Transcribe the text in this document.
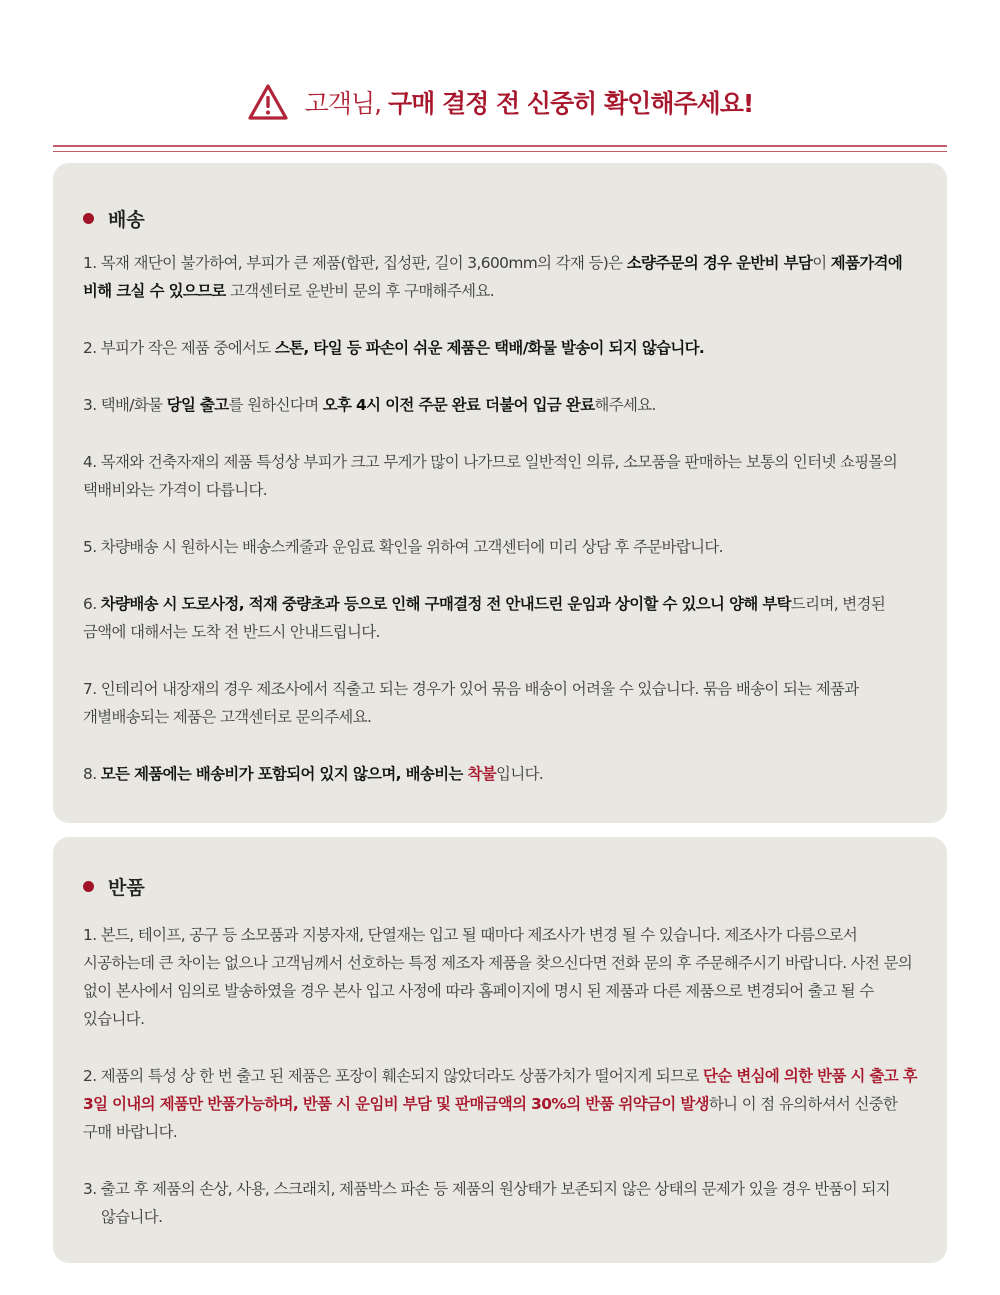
고객님, 구매 결정 전 신중히 확인해주세요!
배송

1. 목재 재단이 불가하여, 부피가 큰 제품(합판, 집성판, 길이 3,600mm의 각재 등)은 소량주문의 경우 운반비 부담이 제품가격에 비해 크실 수 있으므로 고객센터로 운반비 문의 후 구매해주세요.

2. 부피가 작은 제품 중에서도 스톤, 타일 등 파손이 쉬운 제품은 택배/화물 발송이 되지 않습니다.

3. 택배/화물 당일 출고를 원하신다며 오후 4시 이전 주문 완료 더불어 입금 완료해주세요.

4. 목재와 건축자재의 제품 특성상 부피가 크고 무게가 많이 나가므로 일반적인 의류, 소모품을 판매하는 보통의 인터넷 쇼핑몰의 택배비와는 가격이 다릅니다.

5. 차량배송 시 원하시는 배송스케줄과 운임료 확인을 위하여 고객센터에 미리 상담 후 주문바랍니다.

6. 차량배송 시 도로사정, 적재 중량초과 등으로 인해 구매결정 전 안내드린 운임과 상이할 수 있으니 양해 부탁드리며, 변경된 금액에 대해서는 도착 전 반드시 안내드립니다.

7. 인테리어 내장재의 경우 제조사에서 직출고 되는 경우가 있어 묶음 배송이 어려울 수 있습니다. 묶음 배송이 되는 제품과 개별배송되는 제품은 고객센터로 문의주세요.

8. 모든 제품에는 배송비가 포함되어 있지 않으며, 배송비는 착불입니다.

반품

1. 본드, 테이프, 공구 등 소모품과 지붕자재, 단열재는 입고 될 때마다 제조사가 변경 될 수 있습니다. 제조사가 다름으로서 시공하는데 큰 차이는 없으나 고객님께서 선호하는 특정 제조자 제품을 찾으신다면 전화 문의 후 주문해주시기 바랍니다. 사전 문의 없이 본사에서 임의로 발송하였을 경우 본사 입고 사정에 따라 홈페이지에 명시 된 제품과 다른 제품으로 변경되어 출고 될 수 있습니다.

2. 제품의 특성 상 한 번 출고 된 제품은 포장이 훼손되지 않았더라도 상품가치가 떨어지게 되므로 단순 변심에 의한 반품 시 출고 후 3일 이내의 제품만 반품가능하며, 반품 시 운임비 부담 및 판매금액의 30%의 반품 위약금이 발생하니 이 점 유의하셔서 신중한 구매 바랍니다.

3. 출고 후 제품의 손상, 사용, 스크래치, 제품박스 파손 등 제품의 원상태가 보존되지 않은 상태의 문제가 있을 경우 반품이 되지 않습니다.
